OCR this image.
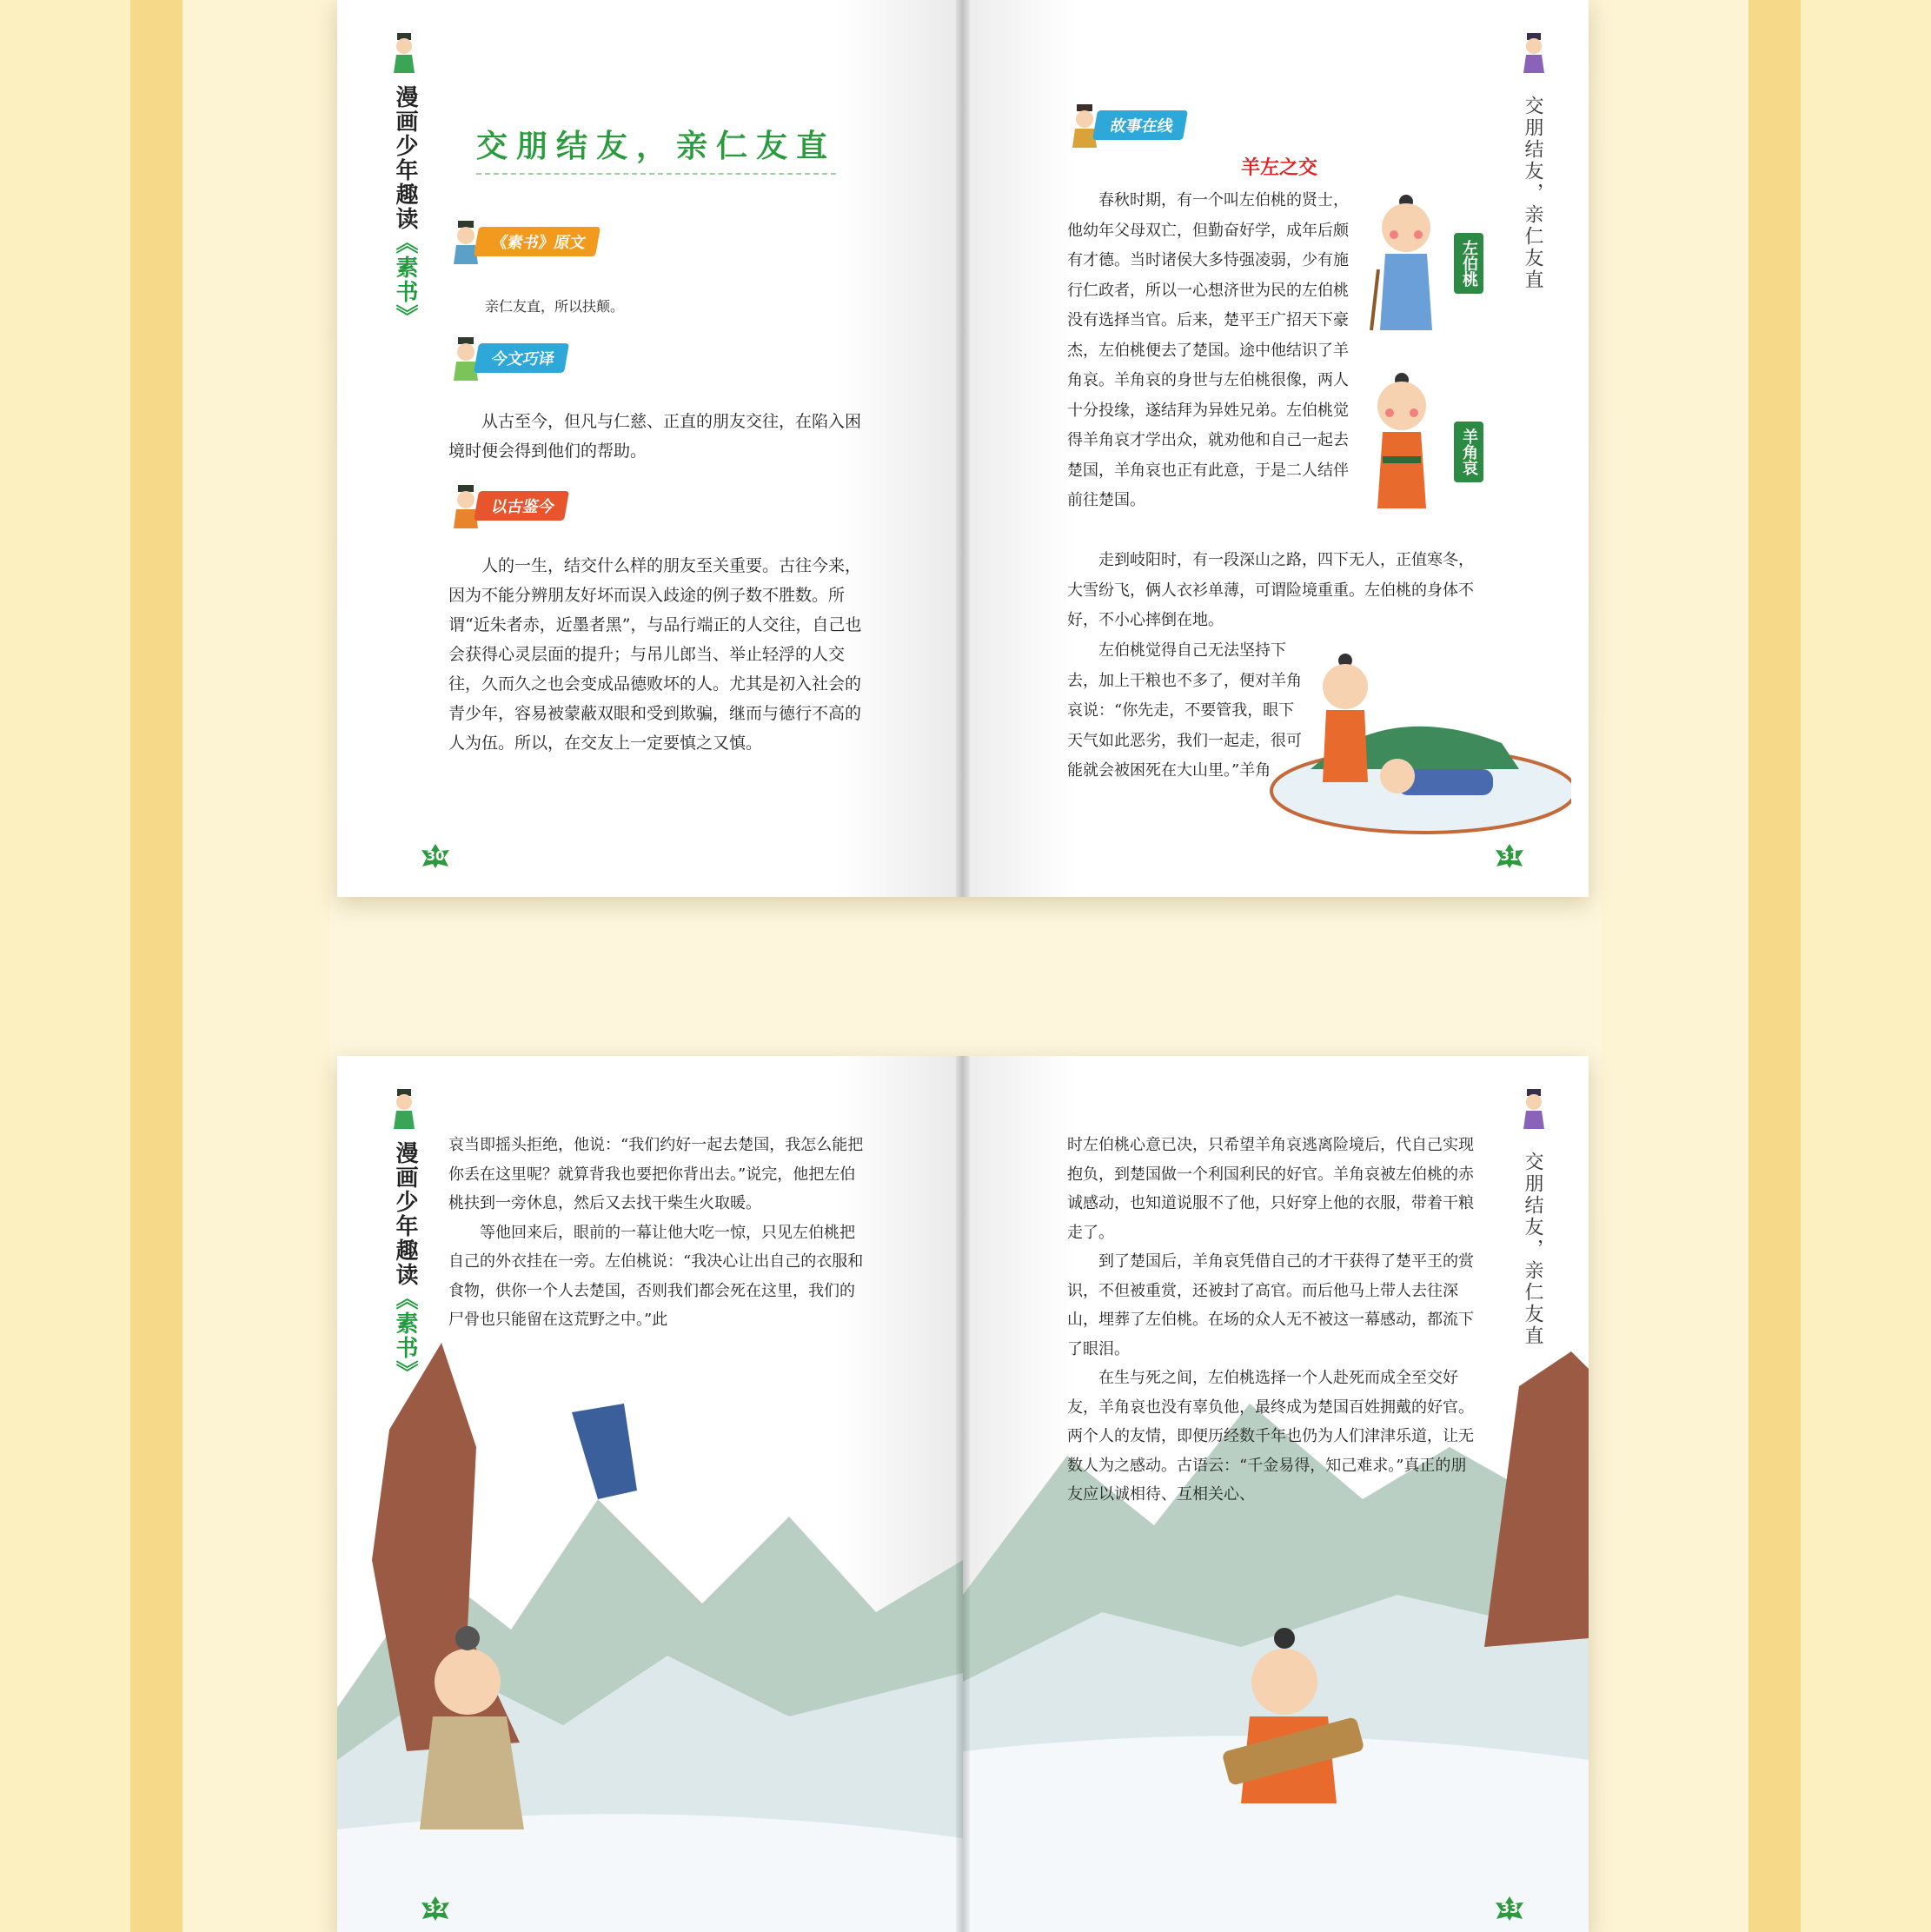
漫画少年趣读《素书》
交朋结友，亲仁友直
《素书》原文
亲仁友直，所以扶颠。
今文巧译

从古至今，但凡与仁慈、正直的朋友交往，在陷入困境时便会得到他们的帮助。

以古鉴今

人的一生，结交什么样的朋友至关重要。古往今来，因为不能分辨朋友好坏而误入歧途的例子数不胜数。所谓“近朱者赤，近墨者黑”，与品行端正的人交往，自己也会获得心灵层面的提升；与吊儿郎当、举止轻浮的人交往，久而久之也会变成品德败坏的人。尤其是初入社会的青少年，容易被蒙蔽双眼和受到欺骗，继而与德行不高的人为伍。所以，在交友上一定要慎之又慎。

30
交朋结友，亲仁友直
故事在线
羊左之交

春秋时期，有一个叫左伯桃的贤士，他幼年父母双亡，但勤奋好学，成年后颇有才德。当时诸侯大多恃强凌弱，少有施行仁政者，所以一心想济世为民的左伯桃没有选择当官。后来，楚平王广招天下豪杰，左伯桃便去了楚国。途中他结识了羊角哀。羊角哀的身世与左伯桃很像，两人十分投缘，遂结拜为异姓兄弟。左伯桃觉得羊角哀才学出众，就劝他和自己一起去楚国，羊角哀也正有此意，于是二人结伴前往楚国。

走到岐阳时，有一段深山之路，四下无人，正值寒冬，大雪纷飞，俩人衣衫单薄，可谓险境重重。左伯桃的身体不好，不小心摔倒在地。

左伯桃觉得自己无法坚持下去，加上干粮也不多了，便对羊角哀说：“你先走，不要管我，眼下天气如此恶劣，我们一起走，很可能就会被困死在大山里。”羊角

左伯桃
羊角哀
31
漫画少年趣读《素书》

哀当即摇头拒绝，他说：“我们约好一起去楚国，我怎么能把你丢在这里呢？就算背我也要把你背出去。”说完，他把左伯桃扶到一旁休息，然后又去找干柴生火取暖。

等他回来后，眼前的一幕让他大吃一惊，只见左伯桃把自己的外衣挂在一旁。左伯桃说：“我决心让出自己的衣服和食物，供你一个人去楚国，否则我们都会死在这里，我们的尸骨也只能留在这荒野之中。”此

32
交朋结友，亲仁友直

时左伯桃心意已决，只希望羊角哀逃离险境后，代自己实现抱负，到楚国做一个利国利民的好官。羊角哀被左伯桃的赤诚感动，也知道说服不了他，只好穿上他的衣服，带着干粮走了。

到了楚国后，羊角哀凭借自己的才干获得了楚平王的赏识，不但被重赏，还被封了高官。而后他马上带人去往深山，埋葬了左伯桃。在场的众人无不被这一幕感动，都流下了眼泪。

在生与死之间，左伯桃选择一个人赴死而成全至交好友，羊角哀也没有辜负他，最终成为楚国百姓拥戴的好官。两个人的友情，即便历经数千年也仍为人们津津乐道，让无数人为之感动。古语云：“千金易得，知己难求。”真正的朋友应以诚相待、互相关心、

33
